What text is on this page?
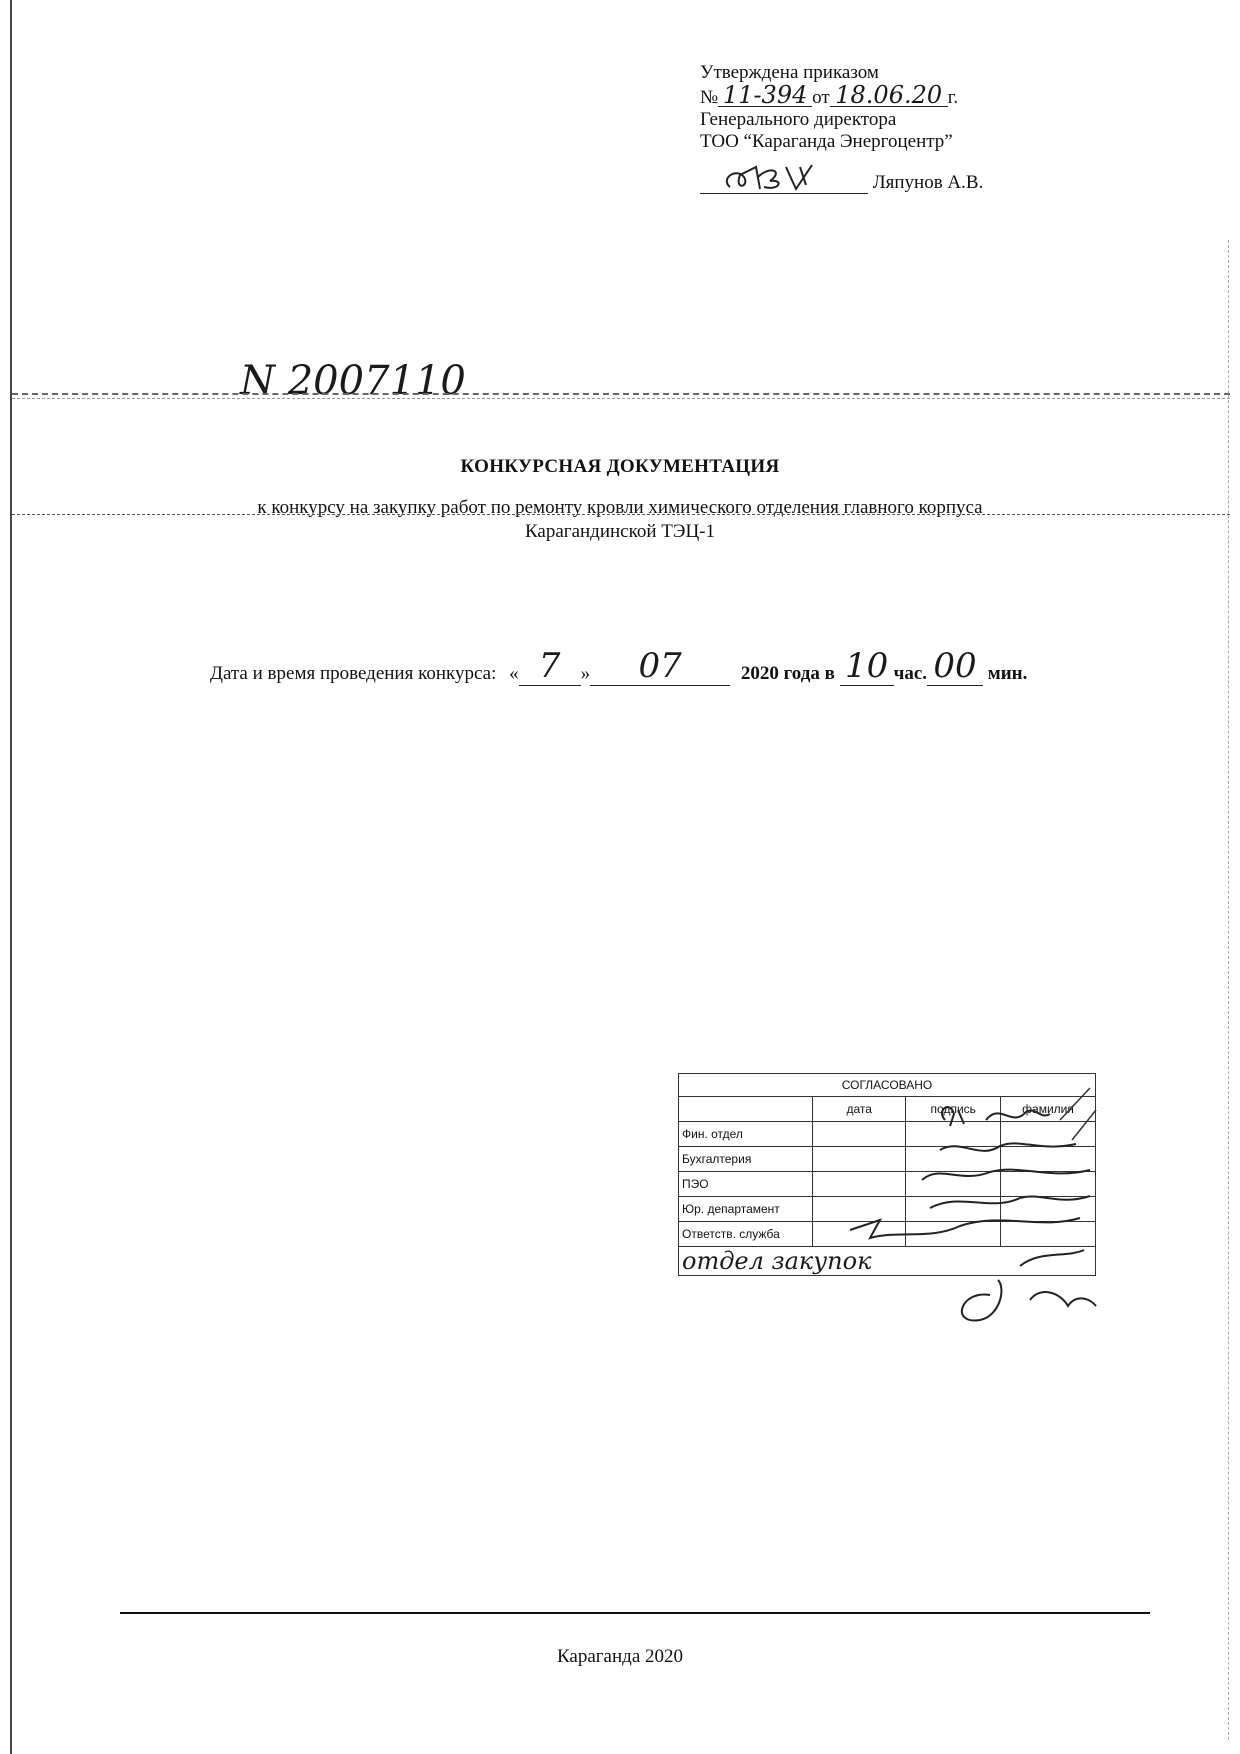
Утверждена приказом
№ 11-394 от 18.06.20 г.
Генерального директора
ТОО “Караганда Энергоцентр”
Ляпунов А.В.
N 2007110
КОНКУРСНАЯ ДОКУМЕНТАЦИЯ
к конкурсу на закупку работ по ремонту кровли химического отделения главного корпуса
Карагандинской ТЭЦ-1
Дата и время проведения конкурса: « 7	»	07	2020 года в 10 час. 00 мин.
СОГЛАСОВАНО			
	дата	подпись	фамилия
Фин. отдел			
Бухгалтерия			
ПЭО			
Юр. департамент			
Ответств. служба			
отдел закупок			
Караганда 2020
